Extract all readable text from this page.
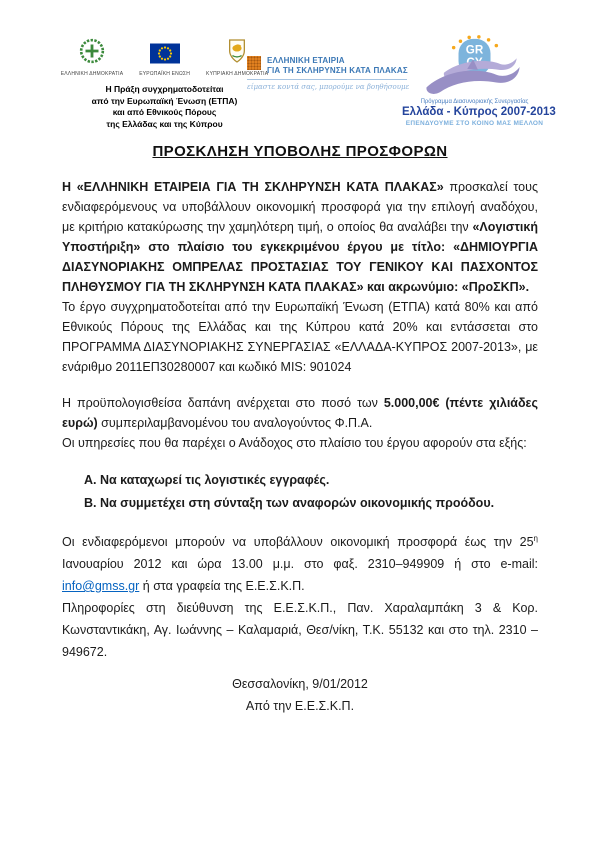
ΕΛΛΗΝΙΚΗ ΔΗΜΟΚΡΑΤΙΑ	ΕΥΡΩΠΑΪΚΗ ΕΝΩΣΗ	ΚΥΠΡΙΑΚΗ ΔΗΜΟΚΡΑΤΙΑ
Η Πράξη συγχρηματοδοτείται
από την Ευρωπαϊκή Ένωση (ΕΤΠΑ)
και από Εθνικούς Πόρους
της Ελλάδας και της Κύπρου
ΕΛΛΗΝΙΚΗ ΕΤΑΙΡΙΑ
ΓΙΑ ΤΗ ΣΚΛΗΡΥΝΣΗ ΚΑΤΑ ΠΛΑΚΑΣ
είμαστε κοντά σας, μπορούμε να βοηθήσουμε
GR
Πρόγραμμα Διασυνοριακής Συνεργασίας
Ελλάδα - Κύπρος 2007-2013
ΕΠΕΝΔΥΟΥΜΕ ΣΤΟ ΚΟΙΝΟ ΜΑΣ ΜΕΛΛΟΝ
ΠΡΟΣΚΛΗΣΗ ΥΠΟΒΟΛΗΣ ΠΡΟΣΦΟΡΩΝ

Η «ΕΛΛΗΝΙΚΗ ΕΤΑΙΡΕΙΑ ΓΙΑ ΤΗ ΣΚΛΗΡΥΝΣΗ ΚΑΤΑ ΠΛΑΚΑΣ» προσκαλεί τους ενδιαφερόμενους να υποβάλλουν οικονομική προσφορά για την επιλογή αναδόχου, με κριτήριο κατακύρωσης την χαμηλότερη τιμή, ο οποίος θα αναλάβει την «Λογιστική Υποστήριξη» στο πλαίσιο του εγκεκριμένου έργου με τίτλο: «ΔΗΜΙΟΥΡΓΙΑ ΔΙΑΣΥΝΟΡΙΑΚΗΣ ΟΜΠΡΕΛΑΣ ΠΡΟΣΤΑΣΙΑΣ ΤΟΥ ΓΕΝΙΚΟΥ ΚΑΙ ΠΑΣΧΟΝΤΟΣ ΠΛΗΘΥΣΜΟΥ ΓΙΑ ΤΗ ΣΚΛΗΡΥΝΣΗ ΚΑΤΑ ΠΛΑΚΑΣ» και ακρωνύμιο: «ΠροΣΚΠ».

Το έργο συγχρηματοδοτείται από την Ευρωπαϊκή Ένωση (ΕΤΠΑ) κατά 80% και από Εθνικούς Πόρους της Ελλάδας και της Κύπρου κατά 20% και εντάσσεται στο ΠΡΟΓΡΑΜΜΑ ΔΙΑΣΥΝΟΡΙΑΚΗΣ ΣΥΝΕΡΓΑΣΙΑΣ «ΕΛΛΑΔΑ-ΚΥΠΡΟΣ 2007-2013», με ενάριθμο 2011ΕΠ30280007 και κωδικό MIS: 901024

Η προϋπολογισθείσα δαπάνη ανέρχεται στο ποσό των 5.000,00€ (πέντε χιλιάδες ευρώ) συμπεριλαμβανομένου του αναλογούντος Φ.Π.Α.

Οι υπηρεσίες που θα παρέχει ο Ανάδοχος στο πλαίσιο του έργου αφορούν στα εξής:

Α. Να καταχωρεί τις λογιστικές εγγραφές.

Β. Να συμμετέχει στη σύνταξη των αναφορών οικονομικής προόδου.

Οι ενδιαφερόμενοι μπορούν να υποβάλλουν οικονομική προσφορά έως την $25^\eta$ Ιανουαρίου 2012 και ώρα 13.00 μ.μ. στο φαξ. 2310–949909 ή στο e-mail: info@gmss.gr ή στα γραφεία της Ε.Ε.Σ.Κ.Π.

Πληροφορίες στη διεύθυνση της Ε.Ε.Σ.Κ.Π., Παν. Χαραλαμπάκη 3 & Κορ. Κωνσταντικάκη, Αγ. Ιωάννης – Καλαμαριά, Θεσ/νίκη, Τ.Κ. 55132 και στο τηλ. 2310 – 949672.

Θεσσαλονίκη, 9/01/2012

Από την Ε.Ε.Σ.Κ.Π.
